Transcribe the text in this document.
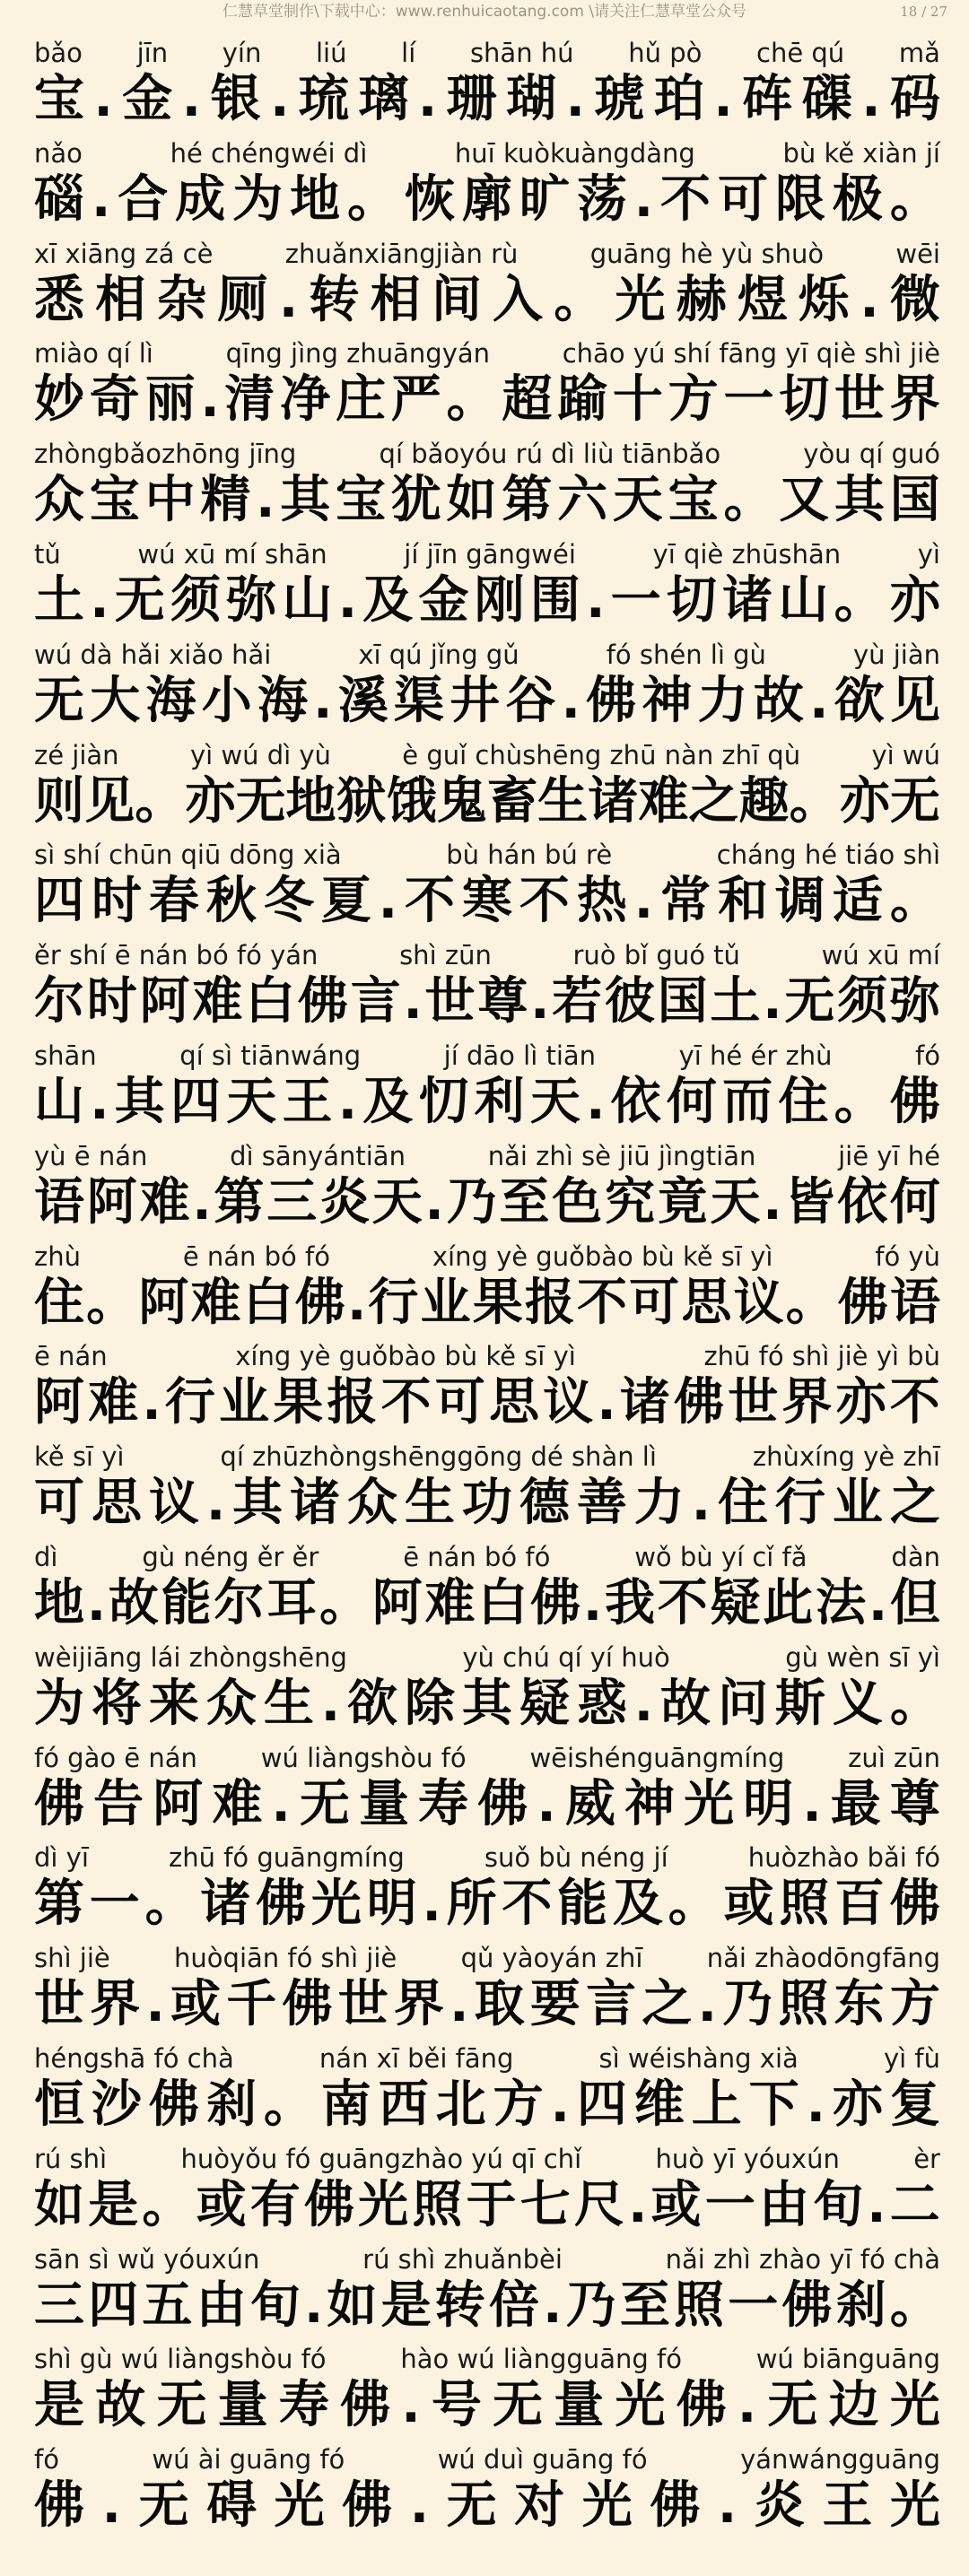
仁慧草堂制作\下载中心：www.renhuicaotang.com \请关注仁慧草堂公众号	18 / 27
bǎo jīn yín liú lí shān hú hǔ pò chē qú mǎ
宝 . 金 . 银 . 琉 璃 . 珊 瑚 . 琥 珀 . 砗 磲 . 码
nǎo	hé chéngwéi dì	huī kuòkuàngdàng	bù kě xiàn jí
碯 . 合 成 为 地 。 恢 廓 旷 荡 . 不 可 限 极 。
xī xiāng zá cè	zhuǎnxiāngjiàn rù	guāng hè yù shuò	wēi
悉 相 杂 厕 . 转 相 间 入 。 光 赫 煜 烁 . 微
miào qí lì	qīng jìng zhuāngyán	chāo yú shí fāng yī qiè shì jiè
妙 奇 丽 . 清 净 庄 严 。 超 踰 十 方 一 切 世 界
zhòngbǎozhōng jīng	qí bǎoyóu rú dì liù tiānbǎo	yòu qí guó
众 宝 中 精 . 其 宝 犹 如 第 六 天 宝 。 又 其 国
tǔ	wú xū mí shān	jí jīn gāngwéi	yī qiè zhūshān	yì
土 . 无 须 弥 山 . 及 金 刚 围 . 一 切 诸 山 。 亦
wú dà hǎi xiǎo hǎi	xī qú jǐng gǔ	fó shén lì gù	yù jiàn
无 大 海 小 海 . 溪 渠 井 谷 . 佛 神 力 故 . 欲 见
zé jiàn	yì wú dì yù	è guǐ chùshēng zhū nàn zhī qù	yì wú
则 见 。 亦 无 地 狱 饿 鬼 畜 生 诸 难 之 趣 。 亦 无
sì shí chūn qiū dōng xià	bù hán bú rè	cháng hé tiáo shì
四 时 春 秋 冬 夏 . 不 寒 不 热 . 常 和 调 适 。
ěr shí ē nán bó fó yán	shì zūn	ruò bǐ guó tǔ	wú xū mí
尔 时 阿 难 白 佛 言 . 世 尊 . 若 彼 国 土 . 无 须 弥
shān	qí sì tiānwáng	jí dāo lì tiān	yī hé ér zhù	fó
山 . 其 四 天 王 . 及 忉 利 天 . 依 何 而 住 。 佛
yù ē nán	dì sānyántiān	nǎi zhì sè jiū jìngtiān	jiē yī hé
语 阿 难 . 第 三 炎 天 . 乃 至 色 究 竟 天 . 皆 依 何
zhù	ē nán bó fó	xíng yè guǒbào bù kě sī yì	fó yù
住 。 阿 难 白 佛 . 行 业 果 报 不 可 思 议 。 佛 语
ē nán	xíng yè guǒbào bù kě sī yì	zhū fó shì jiè yì bù
阿 难 . 行 业 果 报 不 可 思 议 . 诸 佛 世 界 亦 不
kě sī yì	qí zhūzhòngshēnggōng dé shàn lì	zhùxíng yè zhī
可 思 议 . 其 诸 众 生 功 德 善 力 . 住 行 业 之
dì	gù néng ěr ěr	ē nán bó fó	wǒ bù yí cǐ fǎ	dàn
地 . 故 能 尔 耳 。 阿 难 白 佛 . 我 不 疑 此 法 . 但
wèijiāng lái zhòngshēng	yù chú qí yí huò	gù wèn sī yì
为 将 来 众 生 . 欲 除 其 疑 惑 . 故 问 斯 义 。
fó gào ē nán wú liàngshòu fó wēishénguāngmíng zuì zūn
佛 告 阿 难 . 无 量 寿 佛 . 威 神 光 明 . 最 尊
dì yī	zhū fó guāngmíng	suǒ bù néng jí	huòzhào bǎi fó
第 一 。 诸 佛 光 明 . 所 不 能 及 。 或 照 百 佛
shì jiè huòqiān fó shì jiè qǔ yàoyán zhī nǎi zhàodōngfāng
世 界 . 或 千 佛 世 界 . 取 要 言 之 . 乃 照 东 方
héngshā fó chà	nán xī běi fāng	sì wéishàng xià	yì fù
恒 沙 佛 刹 。 南 西 北 方 . 四 维 上 下 . 亦 复
rú shì	huòyǒu fó guāngzhào yú qī chǐ	huò yī yóuxún	èr
如 是 。 或 有 佛 光 照 于 七 尺 . 或 一 由 旬 . 二
sān sì wǔ yóuxún	rú shì zhuǎnbèi	nǎi zhì zhào yī fó chà
三 四 五 由 旬 . 如 是 转 倍 . 乃 至 照 一 佛 刹 。
shì gù wú liàngshòu fó	hào wú liàngguāng fó	wú biānguāng
是 故 无 量 寿 佛 . 号 无 量 光 佛 . 无 边 光
fó	wú ài guāng fó	wú duì guāng fó	yánwángguāng
佛 . 无 碍 光 佛 . 无 对 光 佛 . 炎 王 光
